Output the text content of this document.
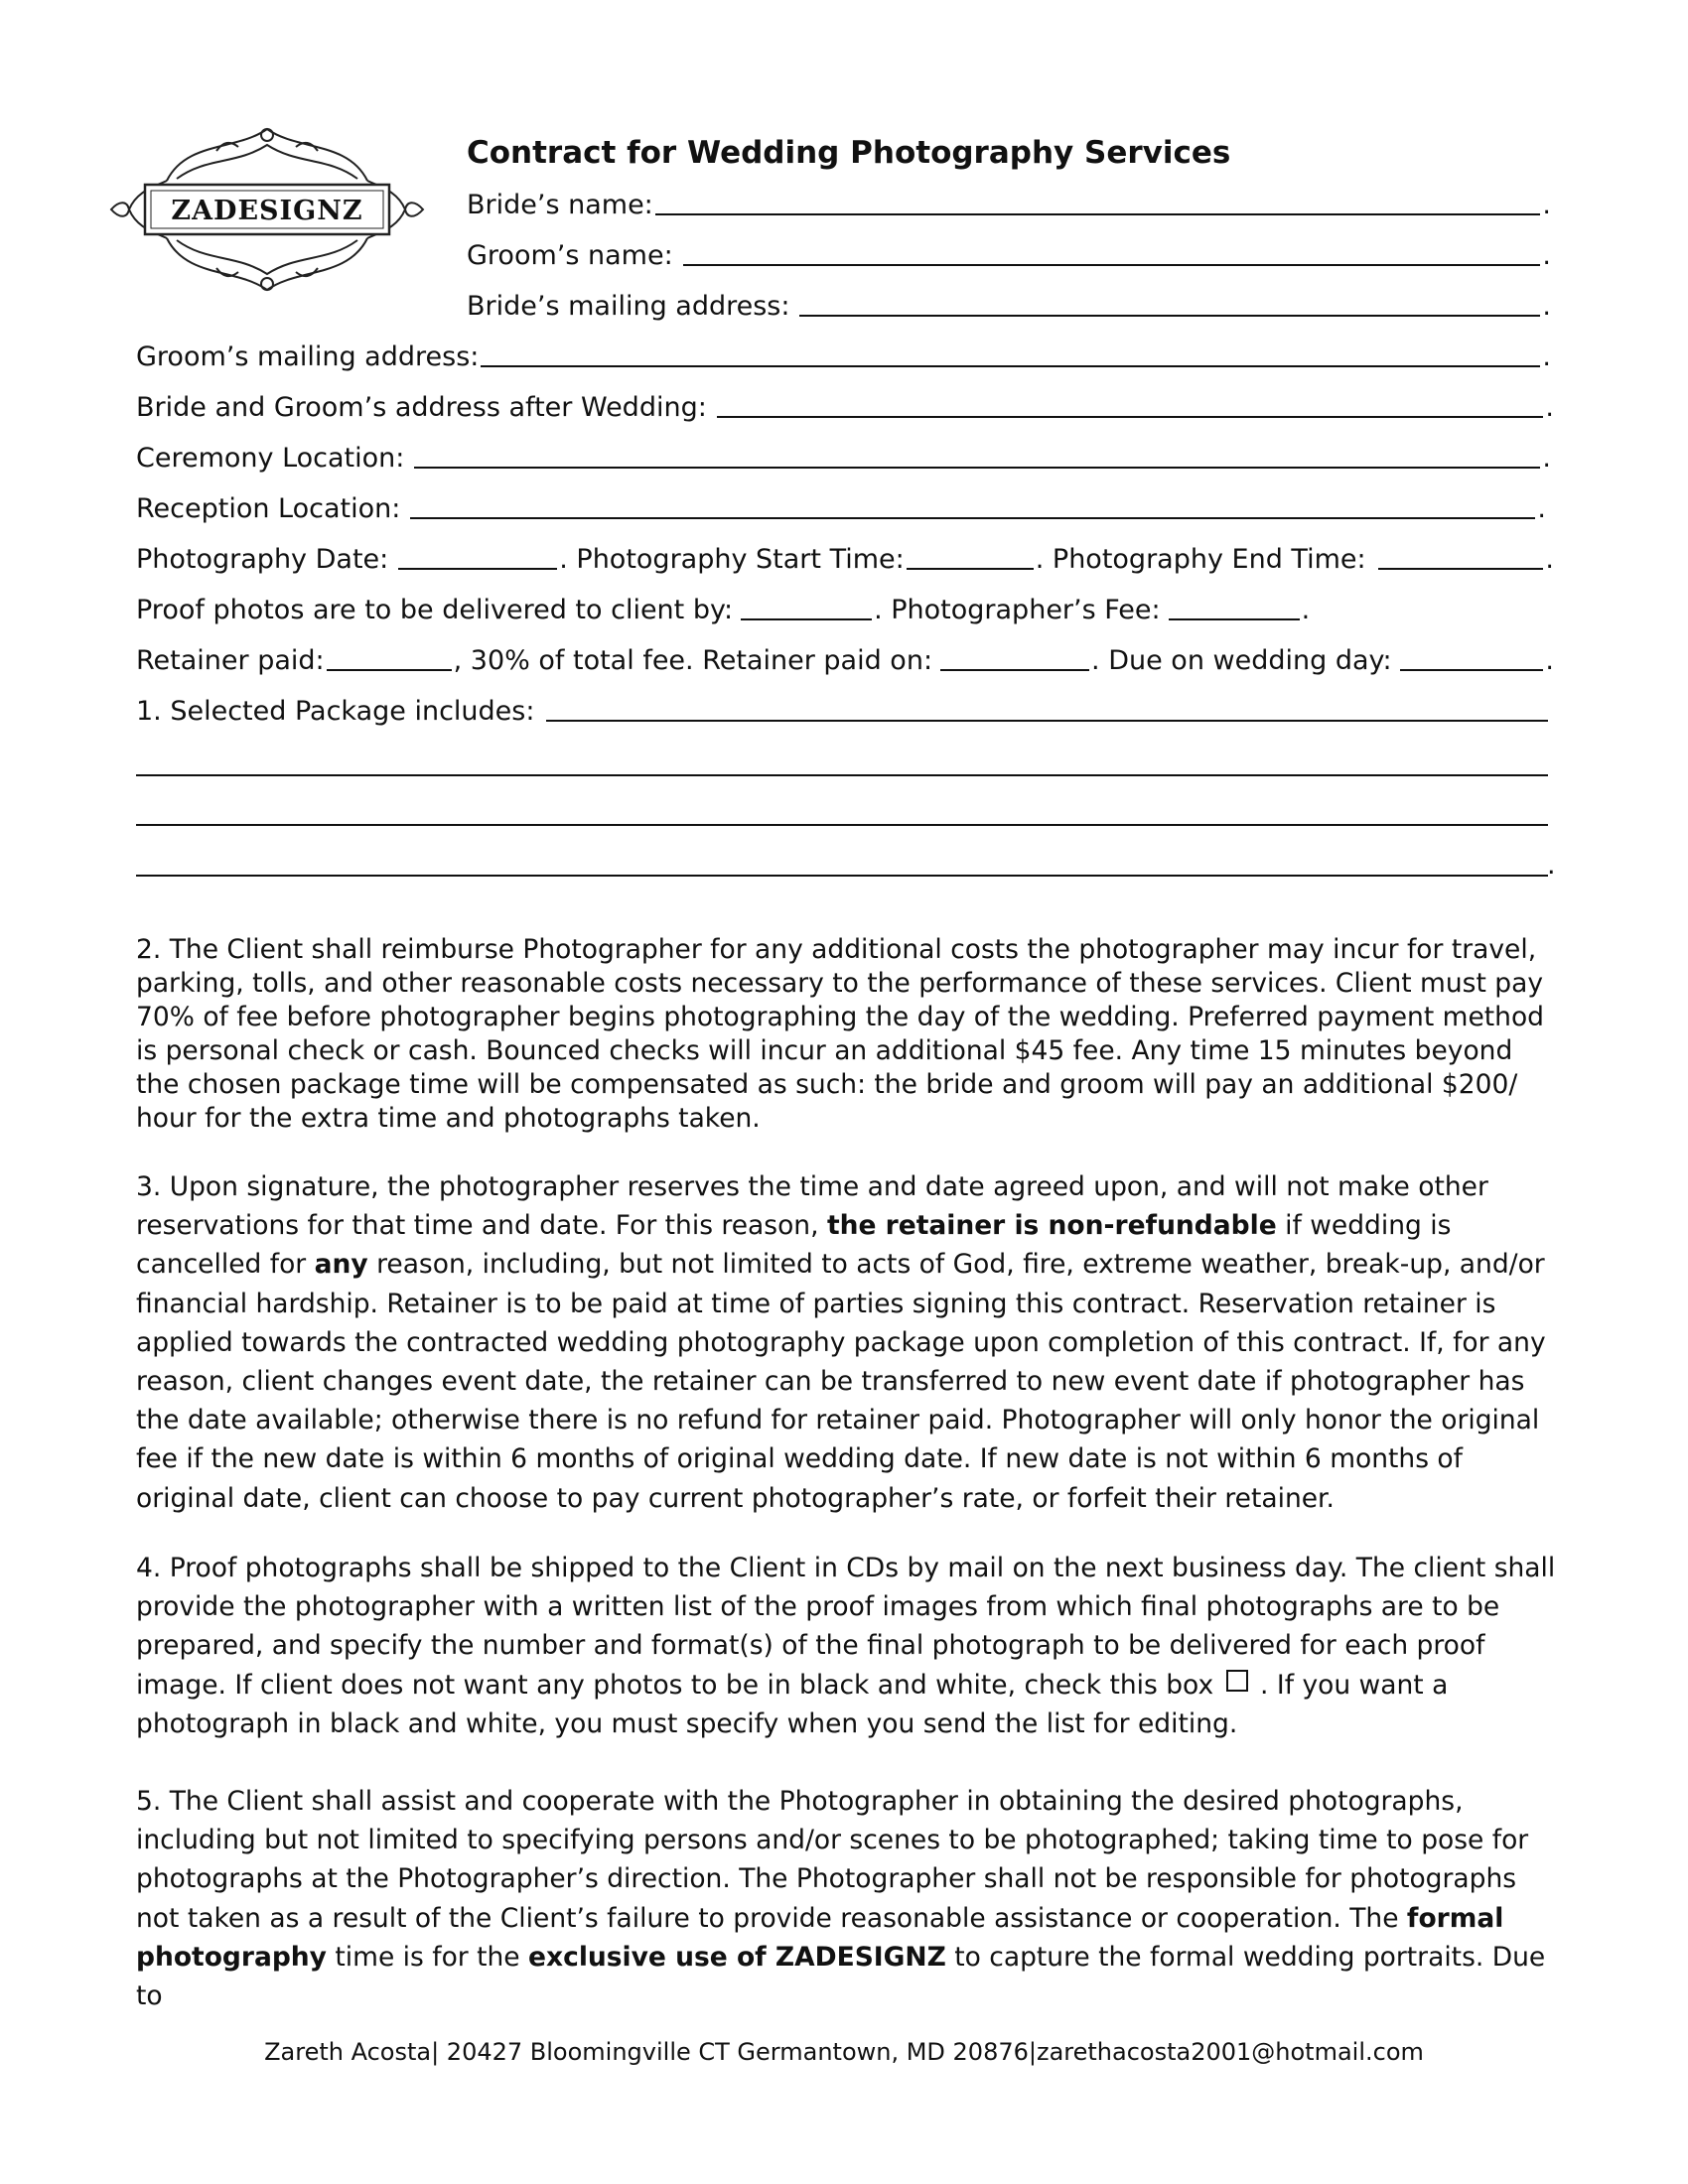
ZADESIGNZ
Contract for Wedding Photography Services
Bride’s name:	.
Groom’s name:	.
Bride’s mailing address:	.
Groom’s mailing address:	.
Bride and Groom’s address after Wedding:	.
Ceremony Location:	.
Reception Location:	.
Photography Date:	. Photography Start Time:	. Photography End Time:	.
Proof photos are to be delivered to client by:	. Photographer’s Fee:	.
Retainer paid:	, 30% of total fee. Retainer paid on:	. Due on wedding day:	.
1. Selected Package includes:
.
2. The Client shall reimburse Photographer for any additional costs the photographer may incur for travel, parking, tolls, and other reasonable costs necessary to the performance of these services. Client must pay 70% of fee before photographer begins photographing the day of the wedding. Preferred payment method is personal check or cash. Bounced checks will incur an additional $45 fee. Any time 15 minutes beyond the chosen package time will be compensated as such: the bride and groom will pay an additional $200/ hour for the extra time and photographs taken.
3. Upon signature, the photographer reserves the time and date agreed upon, and will not make other reservations for that time and date. For this reason, the retainer is non-refundable if wedding is cancelled for any reason, including, but not limited to acts of God, fire, extreme weather, break-up, and/or financial hardship. Retainer is to be paid at time of parties signing this contract. Reservation retainer is applied towards the contracted wedding photography package upon completion of this contract. If, for any reason, client changes event date, the retainer can be transferred to new event date if photographer has the date available; otherwise there is no refund for retainer paid. Photographer will only honor the original fee if the new date is within 6 months of original wedding date. If new date is not within 6 months of original date, client can choose to pay current photographer’s rate, or forfeit their retainer.
4. Proof photographs shall be shipped to the Client in CDs by mail on the next business day. The client shall provide the photographer with a written list of the proof images from which final photographs are to be prepared, and specify the number and format(s) of the final photograph to be delivered for each proof image. If client does not want any photos to be in black and white, check this box . If you want a photograph in black and white, you must specify when you send the list for editing.
5. The Client shall assist and cooperate with the Photographer in obtaining the desired photographs, including but not limited to specifying persons and/or scenes to be photographed; taking time to pose for photographs at the Photographer’s direction. The Photographer shall not be responsible for photographs not taken as a result of the Client’s failure to provide reasonable assistance or cooperation. The formal photography time is for the exclusive use of ZADESIGNZ to capture the formal wedding portraits. Due to
Zareth Acosta| 20427 Bloomingville CT Germantown, MD 20876|zarethacosta2001@hotmail.com
